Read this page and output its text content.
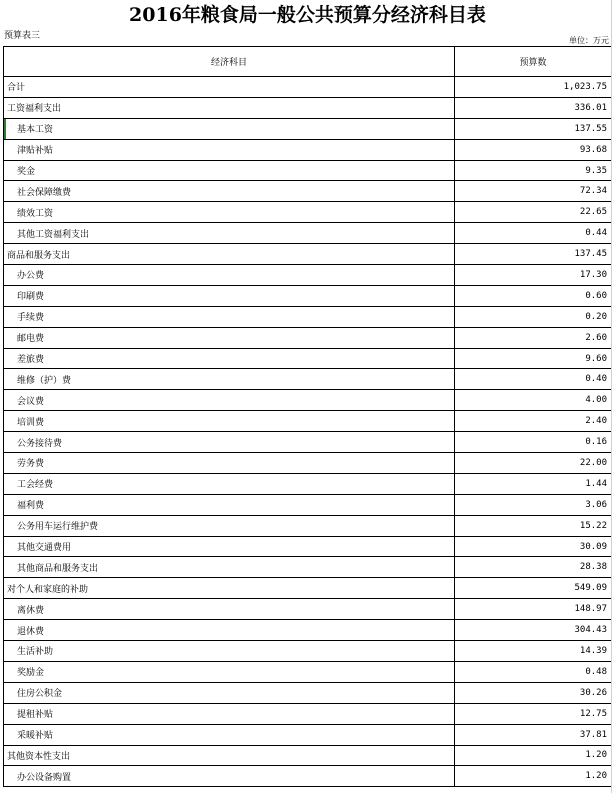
2016年粮食局一般公共预算分经济科目表
预算表三	单位：万元
经济科目	预算数
合计	1,023.75
工资福利支出	336.01
基本工资	137.55
津贴补贴	93.68
奖金	9.35
社会保障缴费	72.34
绩效工资	22.65
其他工资福利支出	0.44
商品和服务支出	137.45
办公费	17.30
印刷费	0.60
手续费	0.20
邮电费	2.60
差旅费	9.60
维修（护）费	0.40
会议费	4.00
培训费	2.40
公务接待费	0.16
劳务费	22.00
工会经费	1.44
福利费	3.06
公务用车运行维护费	15.22
其他交通费用	30.09
其他商品和服务支出	28.38
对个人和家庭的补助	549.09
离休费	148.97
退休费	304.43
生活补助	14.39
奖励金	0.48
住房公积金	30.26
提租补贴	12.75
采暖补贴	37.81
其他资本性支出	1.20
办公设备购置	1.20
